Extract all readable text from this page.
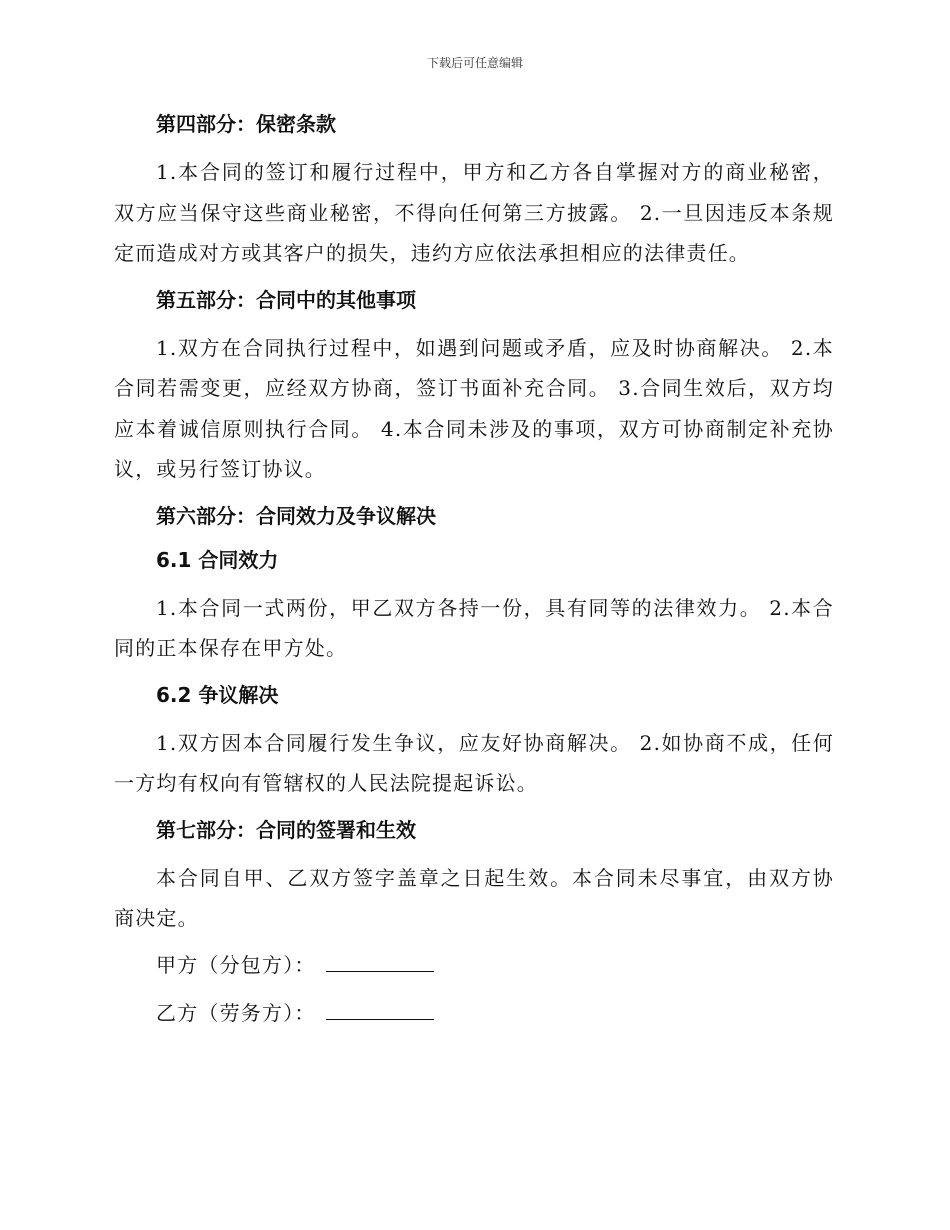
下载后可任意编辑
第四部分：保密条款

1.本合同的签订和履行过程中，甲方和乙方各自掌握对方的商业秘密，双方应当保守这些商业秘密，不得向任何第三方披露。 2.一旦因违反本条规定而造成对方或其客户的损失，违约方应依法承担相应的法律责任。

第五部分：合同中的其他事项

1.双方在合同执行过程中，如遇到问题或矛盾，应及时协商解决。 2.本合同若需变更，应经双方协商，签订书面补充合同。 3.合同生效后，双方均应本着诚信原则执行合同。 4.本合同未涉及的事项，双方可协商制定补充协议，或另行签订协议。

第六部分：合同效力及争议解决
6.1 合同效力

1.本合同一式两份，甲乙双方各持一份，具有同等的法律效力。 2.本合同的正本保存在甲方处。

6.2 争议解决

1.双方因本合同履行发生争议，应友好协商解决。 2.如协商不成，任何一方均有权向有管辖权的人民法院提起诉讼。

第七部分：合同的签署和生效

本合同自甲、乙双方签字盖章之日起生效。本合同未尽事宜，由双方协商决定。

甲方（分包方）：
乙方（劳务方）：
